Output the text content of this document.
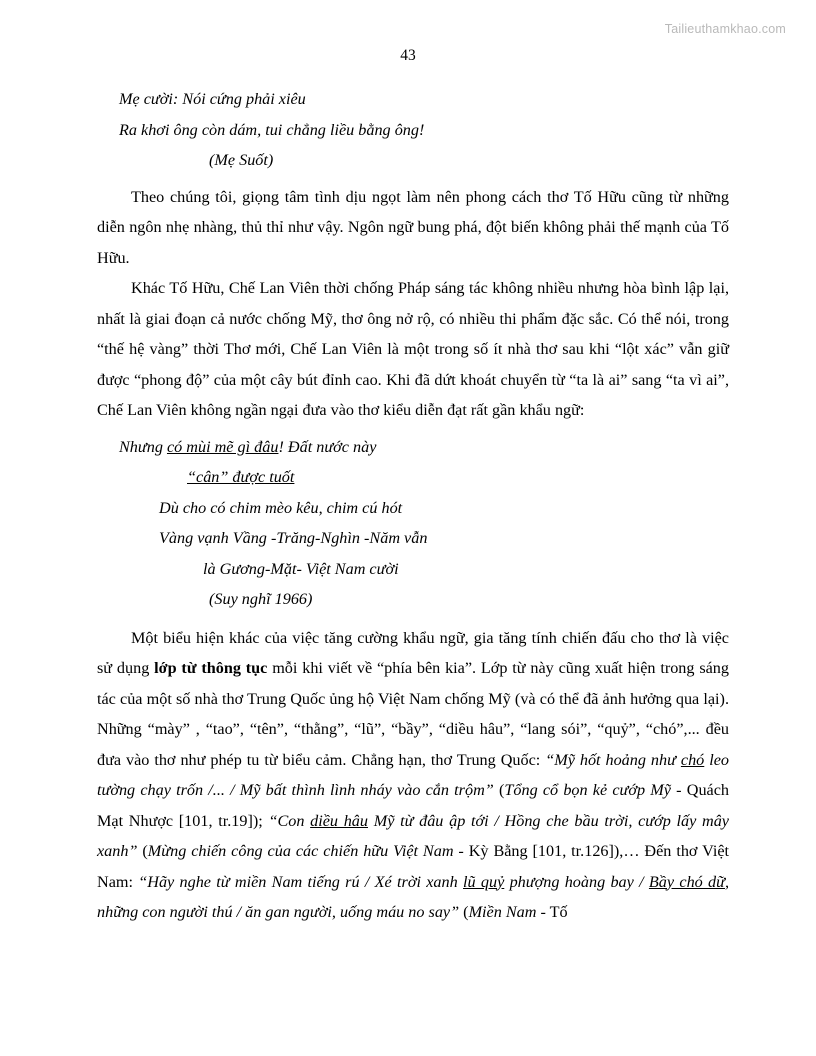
Tailieuthamkhao.com
43
Mẹ cười: Nói cứng phải xiêu
Ra khơi ông còn dám, tui chẳng liều bằng ông!
(Mẹ Suốt)

Theo chúng tôi, giọng tâm tình dịu ngọt làm nên phong cách thơ Tố Hữu cũng từ những diễn ngôn nhẹ nhàng, thủ thỉ như vậy. Ngôn ngữ bung phá, đột biến không phải thế mạnh của Tố Hữu.

Khác Tố Hữu, Chế Lan Viên thời chống Pháp sáng tác không nhiều nhưng hòa bình lập lại, nhất là giai đoạn cả nước chống Mỹ, thơ ông nở rộ, có nhiều thi phẩm đặc sắc. Có thể nói, trong “thế hệ vàng” thời Thơ mới, Chế Lan Viên là một trong số ít nhà thơ sau khi “lột xác” vẫn giữ được “phong độ” của một cây bút đỉnh cao. Khi đã dứt khoát chuyển từ “ta là ai” sang “ta vì ai”, Chế Lan Viên không ngần ngại đưa vào thơ kiểu diễn đạt rất gần khẩu ngữ:

Nhưng có mùi mẽ gì đâu! Đất nước này
“cân” được tuốt
Dù cho có chim mèo kêu, chim cú hót
Vàng vạnh Vầng -Trăng-Nghìn -Năm vẫn
là Gương-Mặt- Việt Nam cười
(Suy nghĩ 1966)

Một biểu hiện khác của việc tăng cường khẩu ngữ, gia tăng tính chiến đấu cho thơ là việc sử dụng lớp từ thông tục mỗi khi viết về “phía bên kia”. Lớp từ này cũng xuất hiện trong sáng tác của một số nhà thơ Trung Quốc ủng hộ Việt Nam chống Mỹ (và có thể đã ảnh hưởng qua lại). Những “mày” , “tao”, “tên”, “thằng”, “lũ”, “bầy”, “diều hâu”, “lang sói”, “quỷ”, “chó”,... đều đưa vào thơ như phép tu từ biểu cảm. Chẳng hạn, thơ Trung Quốc: “Mỹ hốt hoảng như chó leo tường chạy trốn /... / Mỹ bất thình lình nháy vào cắn trộm” (Tổng cổ bọn kẻ cướp Mỹ - Quách Mạt Nhược [101, tr.19]); “Con diều hâu Mỹ từ đâu ập tới / Hồng che bầu trời, cướp lấy mây xanh” (Mừng chiến công của các chiến hữu Việt Nam - Kỳ Bằng [101, tr.126]),… Đến thơ Việt Nam: “Hãy nghe từ miền Nam tiếng rú / Xé trời xanh lũ quỷ phượng hoàng bay / Bầy chó dữ, những con người thú / ăn gan người, uống máu no say” (Miền Nam - Tố
